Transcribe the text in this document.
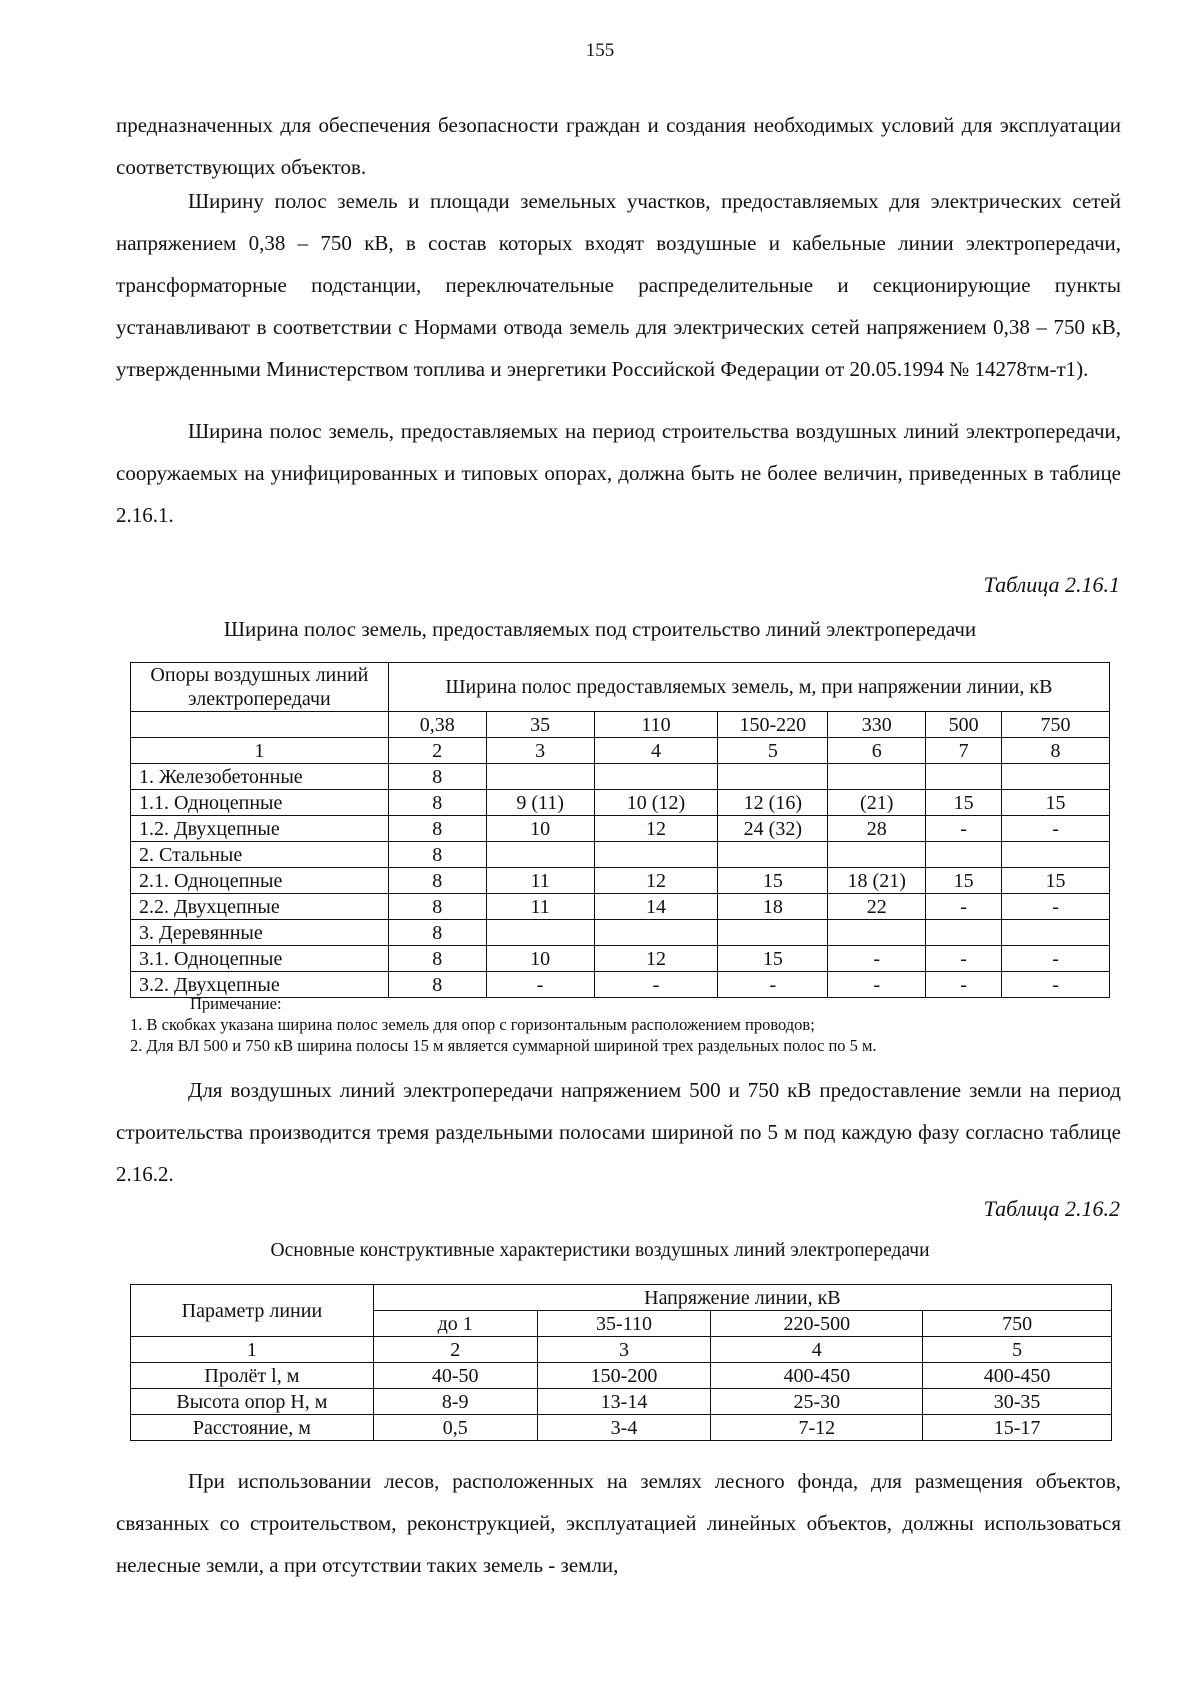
155

предназначенных для обеспечения безопасности граждан и создания необходимых условий для эксплуатации соответствующих объектов.

Ширину полос земель и площади земельных участков, предоставляемых для электрических сетей напряжением 0,38 – 750 кВ, в состав которых входят воздушные и кабельные линии электропередачи, трансформаторные подстанции, переключательные распределительные и секционирующие пункты устанавливают в соответствии с Нормами отвода земель для электрических сетей напряжением 0,38 – 750 кВ, утвержденными Министерством топлива и энергетики Российской Федерации от 20.05.1994 № 14278тм-т1).

Ширина полос земель, предоставляемых на период строительства воздушных линий электропередачи, сооружаемых на унифицированных и типовых опорах, должна быть не более величин, приведенных в таблице 2.16.1.

Таблица 2.16.1
Ширина полос земель, предоставляемых под строительство линий электропередачи
Опоры воздушных линий электропередачи	Ширина полос предоставляемых земель, м, при напряжении линии, кВ						
	0,38	35	110	150-220	330	500	750
1	2	3	4	5	6	7	8
1. Железобетонные	8						
1.1. Одноцепные	8	9 (11)	10 (12)	12 (16)	(21)	15	15
1.2. Двухцепные	8	10	12	24 (32)	28	-	-
2. Стальные	8						
2.1. Одноцепные	8	11	12	15	18 (21)	15	15
2.2. Двухцепные	8	11	14	18	22	-	-
3. Деревянные	8						
3.1. Одноцепные	8	10	12	15	-	-	-
3.2. Двухцепные	8	-	-	-	-	-	-
Примечание:
1. В скобках указана ширина полос земель для опор с горизонтальным расположением проводов;
2. Для ВЛ 500 и 750 кВ ширина полосы 15 м является суммарной шириной трех раздельных полос по 5 м.

Для воздушных линий электропередачи напряжением 500 и 750 кВ предоставление земли на период строительства производится тремя раздельными полосами шириной по 5 м под каждую фазу согласно таблице 2.16.2.

Таблица 2.16.2
Основные конструктивные характеристики воздушных линий электропередачи
Параметр линии	Напряжение линии, кВ			
	до 1	35-110	220-500	750
1	2	3	4	5
Пролёт l, м	40-50	150-200	400-450	400-450
Высота опор Н, м	8-9	13-14	25-30	30-35
Расстояние, м	0,5	3-4	7-12	15-17

При использовании лесов, расположенных на землях лесного фонда, для размещения объектов, связанных со строительством, реконструкцией, эксплуатацией линейных объектов, должны использоваться нелесные земли, а при отсутствии таких земель - земли,
